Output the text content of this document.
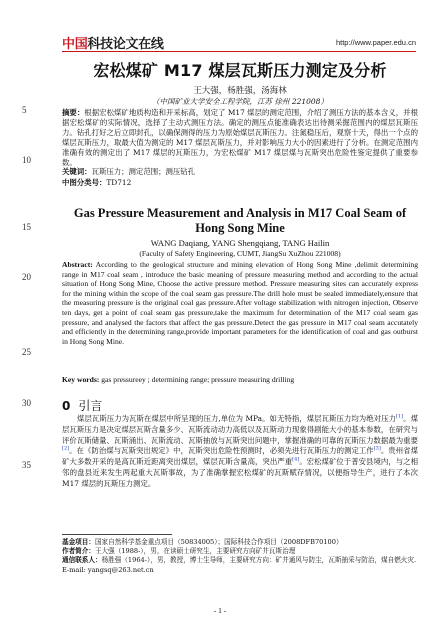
中国科技论文在线	http://www.paper.edu.cn
5
10
15
20
25
30
35
宏松煤矿 M17 煤层瓦斯压力测定及分析
王大强，杨胜强，汤海林
（中国矿业大学安全工程学院，江苏 徐州 221008）
摘要：根据宏松煤矿地质构造和开采标高，划定了 M17 煤层的测定范围，介绍了测压方法的基本含义，并根据宏松煤矿的实际情况，选择了主动式测压方法。确定的测压点能准确表达出待测采掘范围内的煤层瓦斯压力。钻孔打好之后立即封孔，以确保测得的压力为原始煤层瓦斯压力。注氮稳压后，观察十天，得出一个点的煤层瓦斯压力，取最大值为测定的 M17 煤层瓦斯压力，并对影响压力大小的因素进行了分析。在测定范围内准确有效的测定出了 M17 煤层的瓦斯压力，为宏松煤矿 M17 煤层煤与瓦斯突出危险性鉴定提供了重要参数。
关键词：瓦斯压力；测定范围；测压钻孔
中图分类号：TD712
Gas Pressure Measurement and Analysis in M17 Coal Seam of Hong Song Mine
WANG Daqiang, YANG Shengqiang, TANG Hailin
(Faculty of Safety Engineering, CUMT, JiangSu XuZhou 221008)
Abstract: According to the geological structure and mining elevation of Hong Song Mine ,delimit determining range in M17 coal seam , introduce the basic meaning of pressure measuring method and according to the actual situation of Hong Song Mine, Choose the active pressure method. Pressure measuring sites can accurately express for the mining within the scope of the coal seam gas pressure.The drill hole must be sealed immediately,ensure that the measuring pressure is the original coal gas pressure.After voltage stabilization with nitrogen injection, Observe ten days, get a point of coal seam gas pressure,take the maximum for determination of the M17 coal seam gas pressure, and analysed the factors that affect the gas pressure.Detect the gas pressure in M17 coal seam accutately and efficiently in the determining range,provide important parameters for the identification of coal and gas outburst in Hong Song Mine.
Key words: gas pressureey ; determining range; pressure measuring drilling
0 引言
煤层瓦斯压力为瓦斯在煤层中所呈现的压力,单位为 MPa。如无特指，煤层瓦斯压力均为绝对压力[1]。煤层瓦斯压力是决定煤层瓦斯含量多少、瓦斯流动动力高低以及瓦斯动力现象得剧能大小的基本参数，在研究与评价瓦斯储量、瓦斯涌出、瓦斯流动、瓦斯抽放与瓦斯突出问题中，掌握准确的可靠的瓦斯压力数据最为重要[2]。在《防治煤与瓦斯突出规定》中，瓦斯突出危险性预测时，必须先进行瓦斯压力的测定工作[3]。贵州省煤矿大多数开采的是高瓦斯近距离突出煤层，煤层瓦斯含量高，突出严重[4]。宏松煤矿位于普安县境内，与之相邻的盘县近来发生两起重大瓦斯事故，为了准确掌握宏松煤矿的瓦斯赋存情况，以便指导生产，进行了本次 M17 煤层的瓦斯压力测定。
基金项目：国家自然科学基金重点项目（50834005）；国际科技合作项目（2008DFB70100）
作者简介：王大强（1988-），男，在读硕士研究生，主要研究方向矿井瓦斯治理
通信联系人：杨胜强（1964-），男，教授，博士生导师，主要研究方向：矿井通风与防尘，瓦斯抽采与防治，煤自燃火灾. E-mail: yangsq@263.net.cn
- 1 -
